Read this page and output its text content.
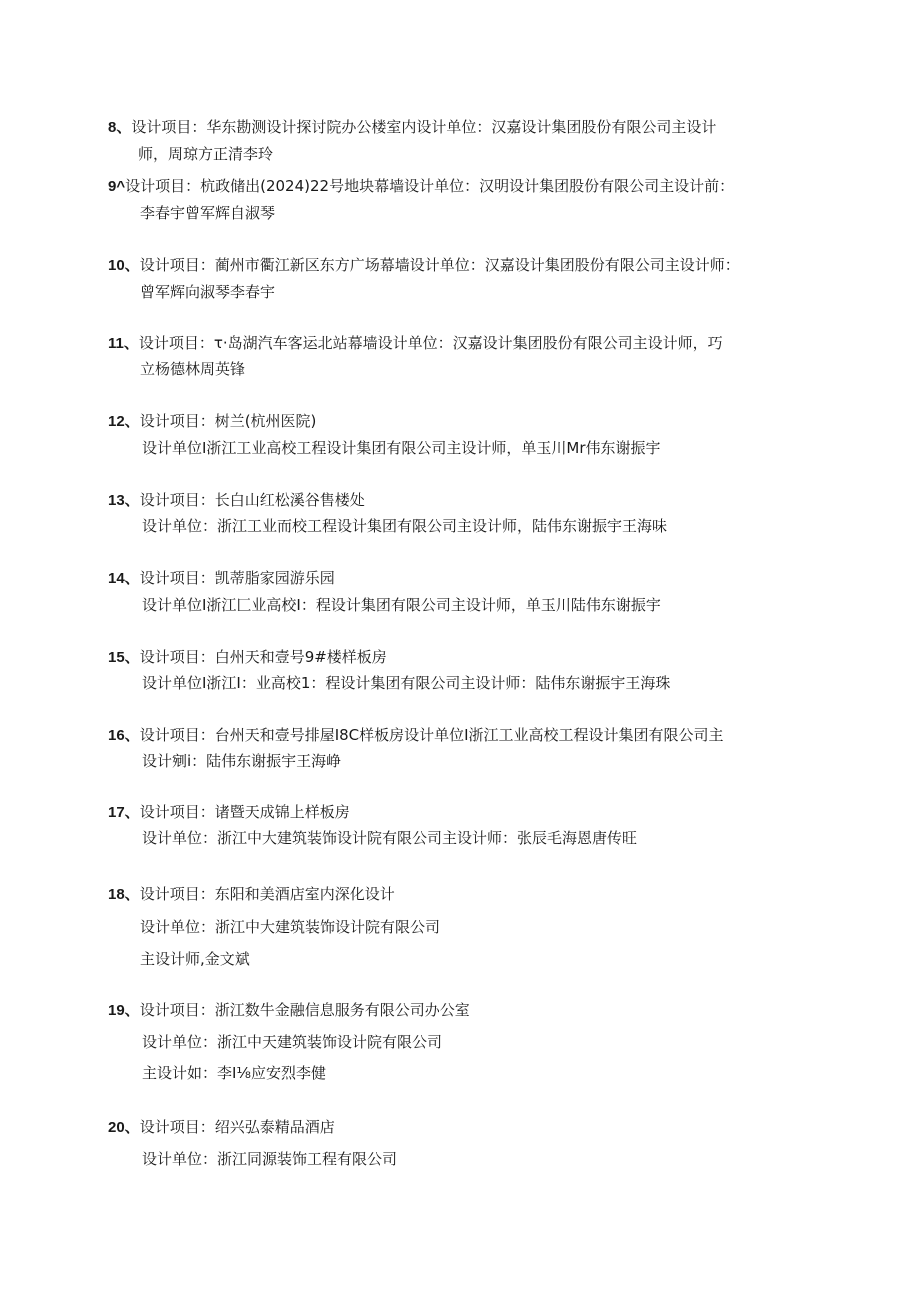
8、设计项目：华东勘测设计探讨院办公楼室内设计单位：汉嘉设计集团股份有限公司主设计
师，周琼方正清李玲
9^设计项目：杭政储出(2024)22号地块幕墙设计单位：汉明设计集团股份有限公司主设计前：
李春宇曾军辉自淑琴
10、设计项目：蔺州市衢江新区东方广场幕墙设计单位：汉嘉设计集团股份有限公司主设计师：
曾军辉向淑琴李春宇
11、设计项目：τ·岛湖汽车客运北站幕墙设计单位：汉嘉设计集团股份有限公司主设计师，巧
立杨德林周英锋
12、设计项目：树兰(杭州医院)
设计单位I浙江工业高校工程设计集团有限公司主设计师，单玉川Mr伟东谢振宇
13、设计项目：长白山红松溪谷售楼处
设计单位：浙江工业而校工程设计集团有限公司主设计师，陆伟东谢振宇王海味
14、设计项目：凯蒂脂家园游乐园
设计单位I浙江匚业高校I：程设计集团有限公司主设计师，单玉川陆伟东谢振宇
15、设计项目：白州天和壹号9#楼样板房
设计单位I浙江I：业高校1：程设计集团有限公司主设计师：陆伟东谢振宇王海珠
16、设计项目：台州天和壹号排屋I8C样板房设计单位I浙江工业高校工程设计集团有限公司主
设计剜i：陆伟东谢振宇王海峥
17、设计项目：诸暨天成锦上样板房
设计单位：浙江中大建筑装饰设计院有限公司主设计师：张辰毛海恩唐传旺
18、设计项目：东阳和美酒店室内深化设计
设计单位：浙江中大建筑装饰设计院有限公司
主设计师,金文斌
19、设计项目：浙江数牛金融信息服务有限公司办公室
设计单位：浙江中天建筑装饰设计院有限公司
主设计如：李I⅛应安烈李健
20、设计项目：绍兴弘泰精品酒店
设计单位：浙江同源装饰工程有限公司
